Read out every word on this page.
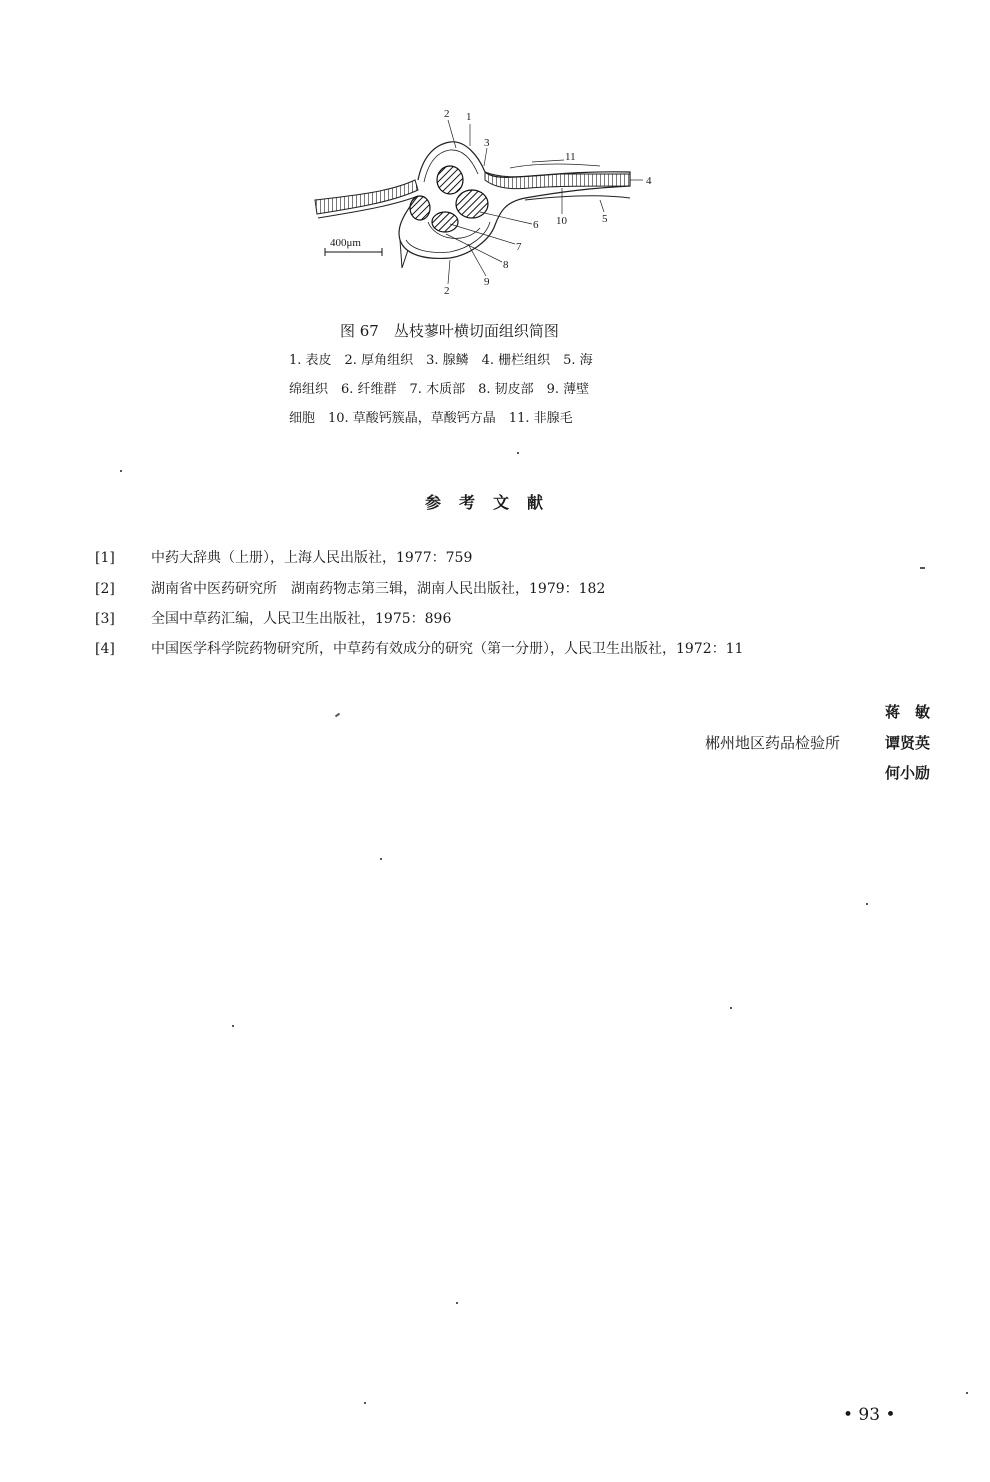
400μm
1
2
3
4
5
6
7
8
9
10
11
2
图 67　丛枝蓼叶横切面组织简图
1. 表皮　2. 厚角组织　3. 腺鳞　4. 栅栏组织　5. 海
绵组织　6. 纤维群　7. 木质部　8. 韧皮部　9. 薄壁
细胞　10. 草酸钙簇晶，草酸钙方晶　11. 非腺毛
参考文献
[1]	中药大辞典（上册），上海人民出版社，1977：759
[2]	湖南省中医药研究所　湖南药物志第三辑，湖南人民出版社，1979：182
[3]	全国中草药汇编，人民卫生出版社，1975：896
[4]	中国医学科学院药物研究所，中草药有效成分的研究（第一分册），人民卫生出版社，1972：11
蒋　敏
郴州地区药品检验所	谭贤英
何小励
• 93 •
